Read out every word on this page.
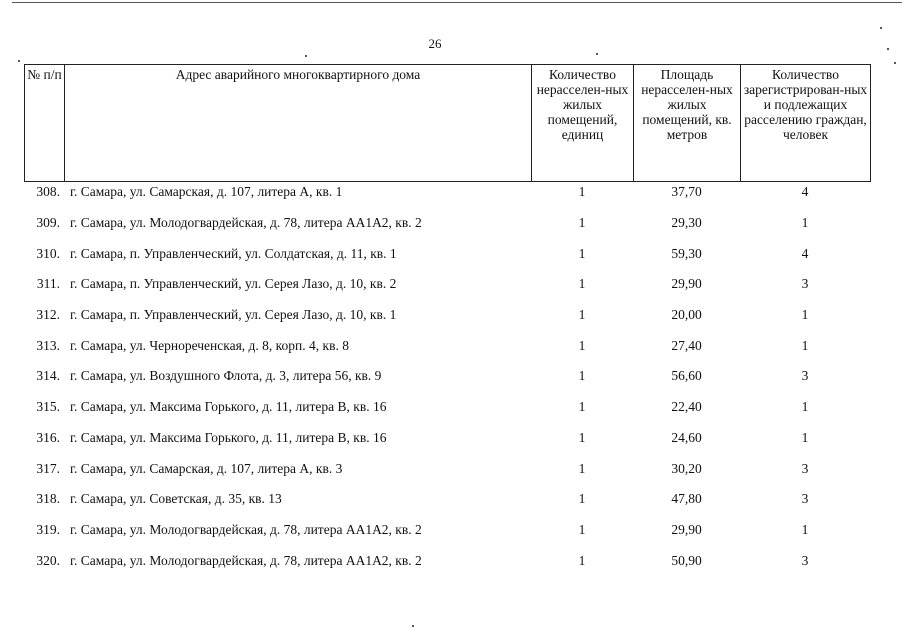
26
№ п/п	Адрес аварийного многоквартирного дома	Количество нерасселен-ных жилых помещений, единиц	Площадь нерасселен-ных жилых помещений, кв. метров	Количество зарегистрирован-ных и подлежащих расселению граждан, человек
308.	г. Самара, ул. Самарская, д. 107, литера А, кв. 1	1	37,70	4
309.	г. Самара, ул. Молодогвардейская, д. 78, литера АА1А2, кв. 2	1	29,30	1
310.	г. Самара, п. Управленческий, ул. Солдатская, д. 11, кв. 1	1	59,30	4
311.	г. Самара, п. Управленческий, ул. Серея Лазо, д. 10, кв. 2	1	29,90	3
312.	г. Самара, п. Управленческий, ул. Серея Лазо, д. 10, кв. 1	1	20,00	1
313.	г. Самара, ул. Чернореченская, д. 8, корп. 4, кв. 8	1	27,40	1
314.	г. Самара, ул. Воздушного Флота, д. 3, литера 56, кв. 9	1	56,60	3
315.	г. Самара, ул. Максима Горького, д. 11, литера В, кв. 16	1	22,40	1
316.	г. Самара, ул. Максима Горького, д. 11, литера В, кв. 16	1	24,60	1
317.	г. Самара, ул. Самарская, д. 107, литера А, кв. 3	1	30,20	3
318.	г. Самара, ул. Советская, д. 35, кв. 13	1	47,80	3
319.	г. Самара, ул. Молодогвардейская, д. 78, литера АА1А2, кв. 2	1	29,90	1
320.	г. Самара, ул. Молодогвардейская, д. 78, литера АА1А2, кв. 2	1	50,90	3
